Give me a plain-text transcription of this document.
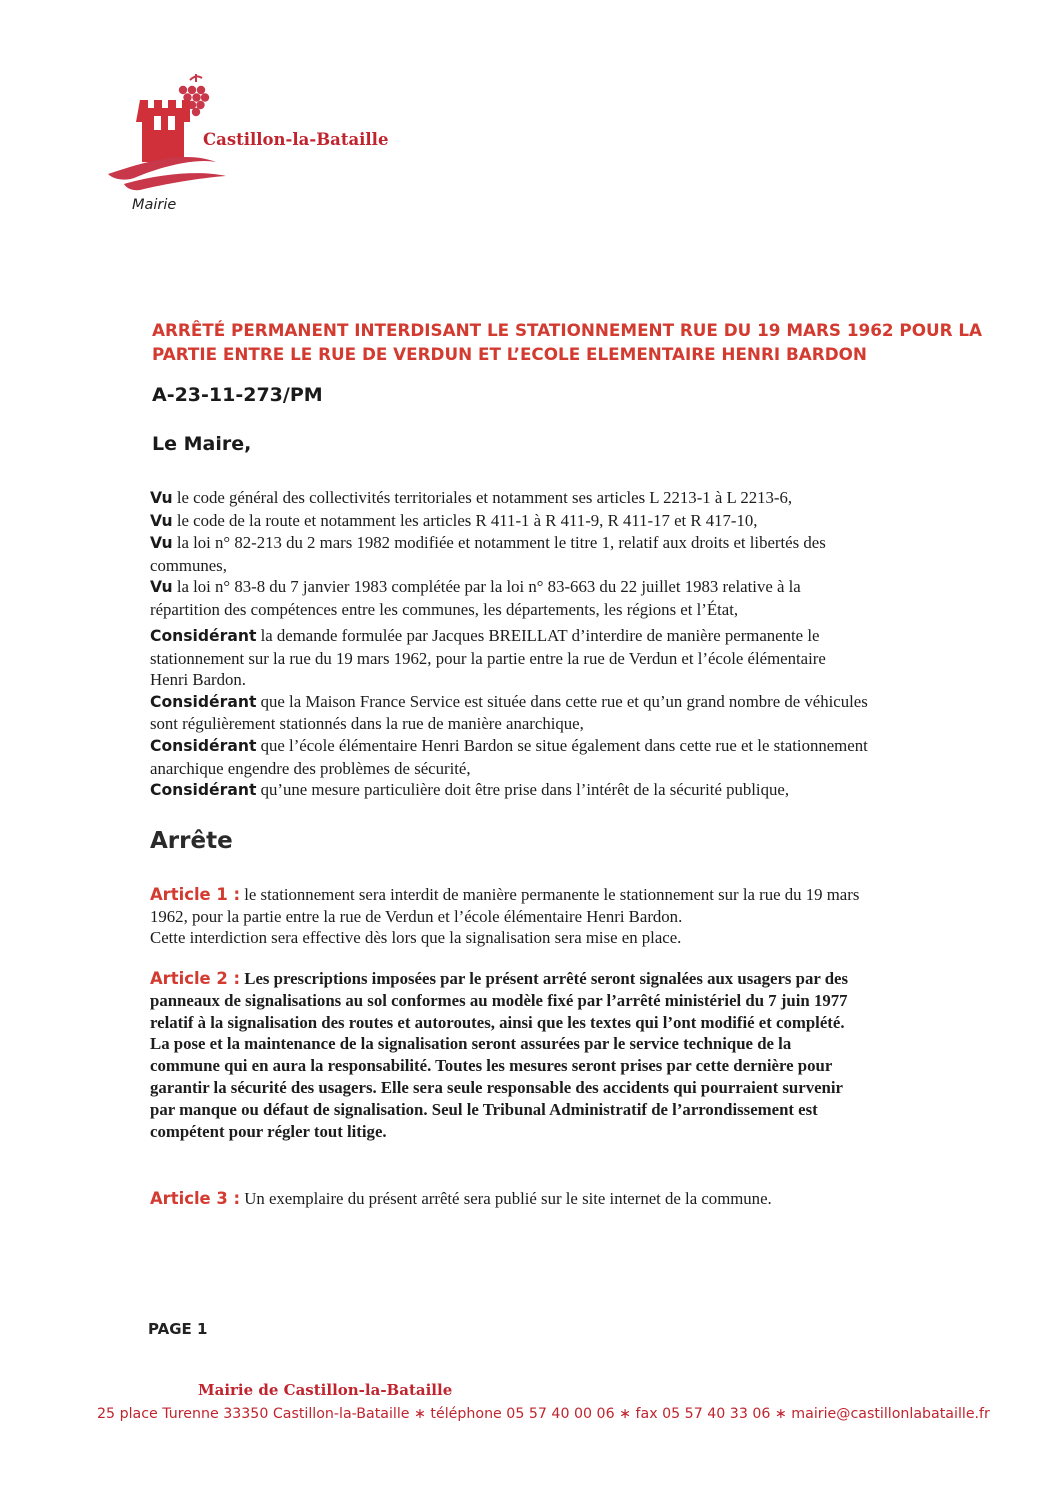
Castillon-la-Bataille
Mairie
ARRÊTÉ PERMANENT INTERDISANT LE STATIONNEMENT RUE DU 19 MARS 1962 POUR LA PARTIE ENTRE LE RUE DE VERDUN ET L’ECOLE ELEMENTAIRE HENRI BARDON
A-23-11-273/PM
Le Maire,
Vu le code général des collectivités territoriales et notamment ses articles L 2213-1 à L 2213-6,
Vu le code de la route et notamment les articles R 411-1 à R 411-9, R 411-17 et R 417-10,
Vu la loi n° 82-213 du 2 mars 1982 modifiée et notamment le titre 1, relatif aux droits et libertés des
communes,
Vu la loi n° 83-8 du 7 janvier 1983 complétée par la loi n° 83-663 du 22 juillet 1983 relative à la
répartition des compétences entre les communes, les départements, les régions et l’État,
Considérant la demande formulée par Jacques BREILLAT d’interdire de manière permanente le
stationnement sur la rue du 19 mars 1962, pour la partie entre la rue de Verdun et l’école élémentaire
Henri Bardon.
Considérant que la Maison France Service est située dans cette rue et qu’un grand nombre de véhicules
sont régulièrement stationnés dans la rue de manière anarchique,
Considérant que l’école élémentaire Henri Bardon se situe également dans cette rue et le stationnement
anarchique engendre des problèmes de sécurité,
Considérant qu’une mesure particulière doit être prise dans l’intérêt de la sécurité publique,
Arrête
Article 1 : le stationnement sera interdit de manière permanente le stationnement sur la rue du 19 mars
1962, pour la partie entre la rue de Verdun et l’école élémentaire Henri Bardon.
Cette interdiction sera effective dès lors que la signalisation sera mise en place.
Article 2 : Les prescriptions imposées par le présent arrêté seront signalées aux usagers par des
panneaux de signalisations au sol conformes au modèle fixé par l’arrêté ministériel du 7 juin 1977
relatif à la signalisation des routes et autoroutes, ainsi que les textes qui l’ont modifié et complété.
La pose et la maintenance de la signalisation seront assurées par le service technique de la
commune qui en aura la responsabilité. Toutes les mesures seront prises par cette dernière pour
garantir la sécurité des usagers. Elle sera seule responsable des accidents qui pourraient survenir
par manque ou défaut de signalisation. Seul le Tribunal Administratif de l’arrondissement est
compétent pour régler tout litige.
Article 3 : Un exemplaire du présent arrêté sera publié sur le site internet de la commune.
PAGE 1
Mairie de Castillon-la-Bataille
25 place Turenne 33350 Castillon-la-Bataille ∗ téléphone 05 57 40 00 06 ∗ fax 05 57 40 33 06 ∗ mairie@castillonlabataille.fr
